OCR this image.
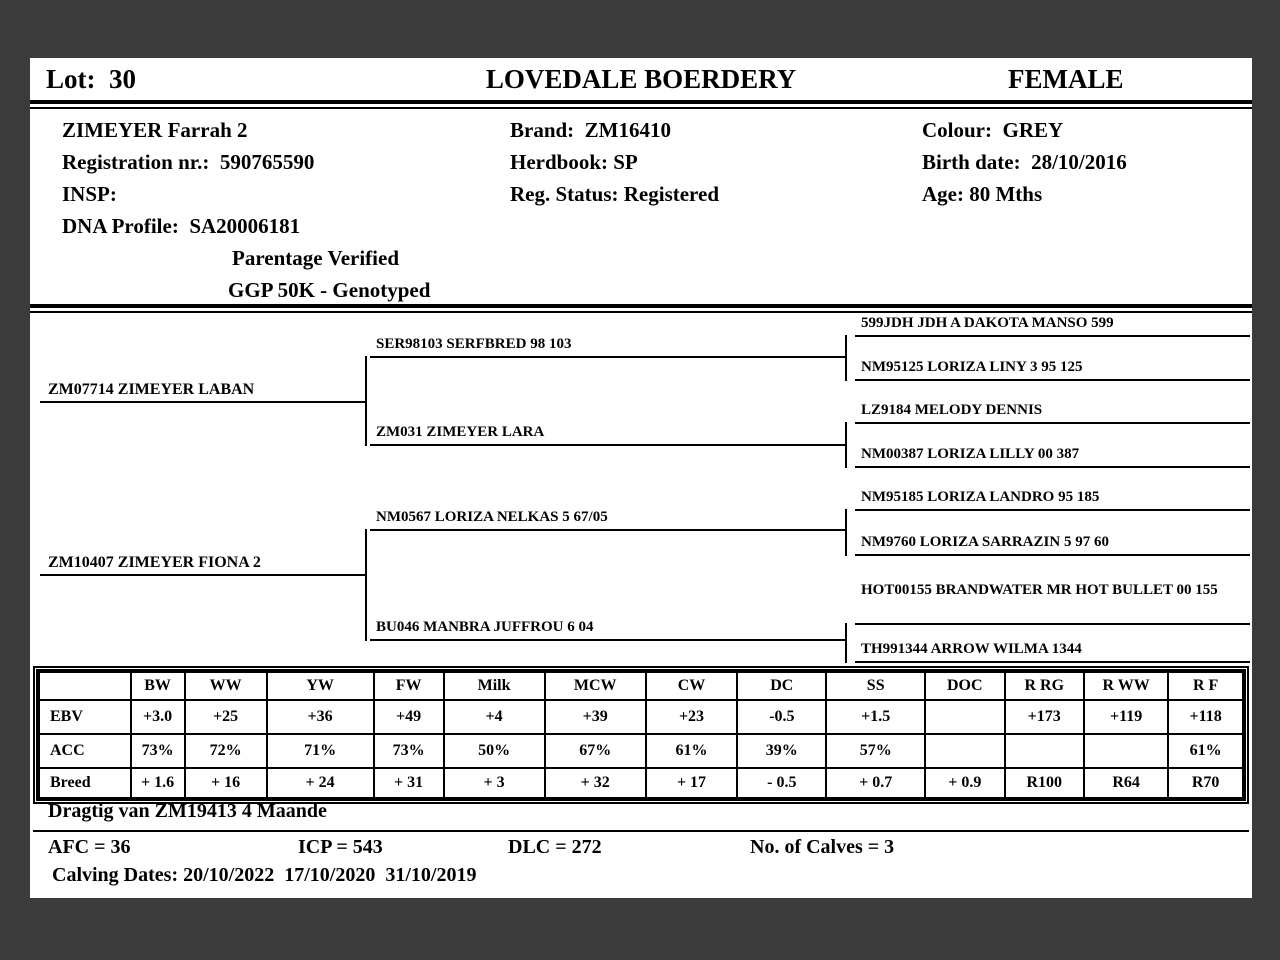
Lot:  30	LOVEDALE BOERDERY	FEMALE
ZIMEYER Farrah 2
Registration nr.:  590765590
INSP:
DNA Profile:  SA20006181
Parentage Verified
GGP 50K - Genotyped
Brand:  ZM16410
Herdbook: SP
Reg. Status: Registered
Colour:  GREY
Birth date:  28/10/2016
Age: 80 Mths
ZM07714 ZIMEYER LABAN
ZM10407 ZIMEYER FIONA 2
SER98103 SERFBRED 98 103
ZM031 ZIMEYER LARA
NM0567 LORIZA NELKAS 5 67/05
BU046 MANBRA JUFFROU 6 04
599JDH JDH A DAKOTA MANSO 599
NM95125 LORIZA LINY 3 95 125
LZ9184 MELODY DENNIS
NM00387 LORIZA LILLY 00 387
NM95185 LORIZA LANDRO 95 185
NM9760 LORIZA SARRAZIN 5 97 60
HOT00155 BRANDWATER MR HOT BULLET 00 155
TH991344 ARROW WILMA 1344
	BW	WW	YW	FW	Milk	MCW	CW	DC	SS	DOC	R RG	R WW	R F
EBV	+3.0	+25	+36	+49	+4	+39	+23	-0.5	+1.5		+173	+119	+118
ACC	73%	72%	71%	73%	50%	67%	61%	39%	57%				61%
Breed	+ 1.6	+ 16	+ 24	+ 31	+ 3	+ 32	+ 17	- 0.5	+ 0.7	+ 0.9	R100	R64	R70
Dragtig van ZM19413 4 Maande
AFC = 36	ICP = 543	DLC = 272	No. of Calves = 3
Calving Dates: 20/10/2022  17/10/2020  31/10/2019
